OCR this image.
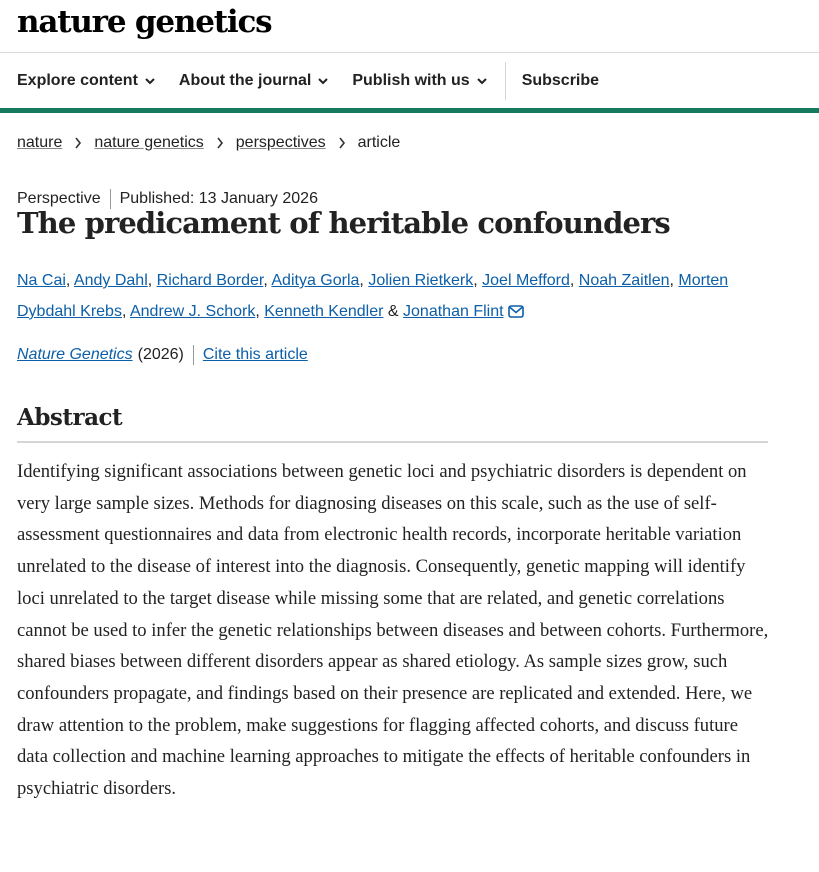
nature genetics
Explore content	About the journal	Publish with us	Subscribe
nature nature genetics perspectives article
Perspective Published: 13 January 2026
The predicament of heritable confounders
Na Cai, Andy Dahl, Richard Border, Aditya Gorla, Jolien Rietkerk, Joel Mefford, Noah Zaitlen, Morten Dybdahl Krebs, Andrew J. Schork, Kenneth Kendler & Jonathan Flint
Nature Genetics (2026) Cite this article
Abstract

Identifying significant associations between genetic loci and psychiatric disorders is dependent on very large sample sizes. Methods for diagnosing diseases on this scale, such as the use of self-assessment questionnaires and data from electronic health records, incorporate heritable variation unrelated to the disease of interest into the diagnosis. Consequently, genetic mapping will identify loci unrelated to the target disease while missing some that are related, and genetic correlations cannot be used to infer the genetic relationships between diseases and between cohorts. Furthermore, shared biases between different disorders appear as shared etiology. As sample sizes grow, such confounders propagate, and findings based on their presence are replicated and extended. Here, we draw attention to the problem, make suggestions for flagging affected cohorts, and discuss future data collection and machine learning approaches to mitigate the effects of heritable confounders in psychiatric disorders.
